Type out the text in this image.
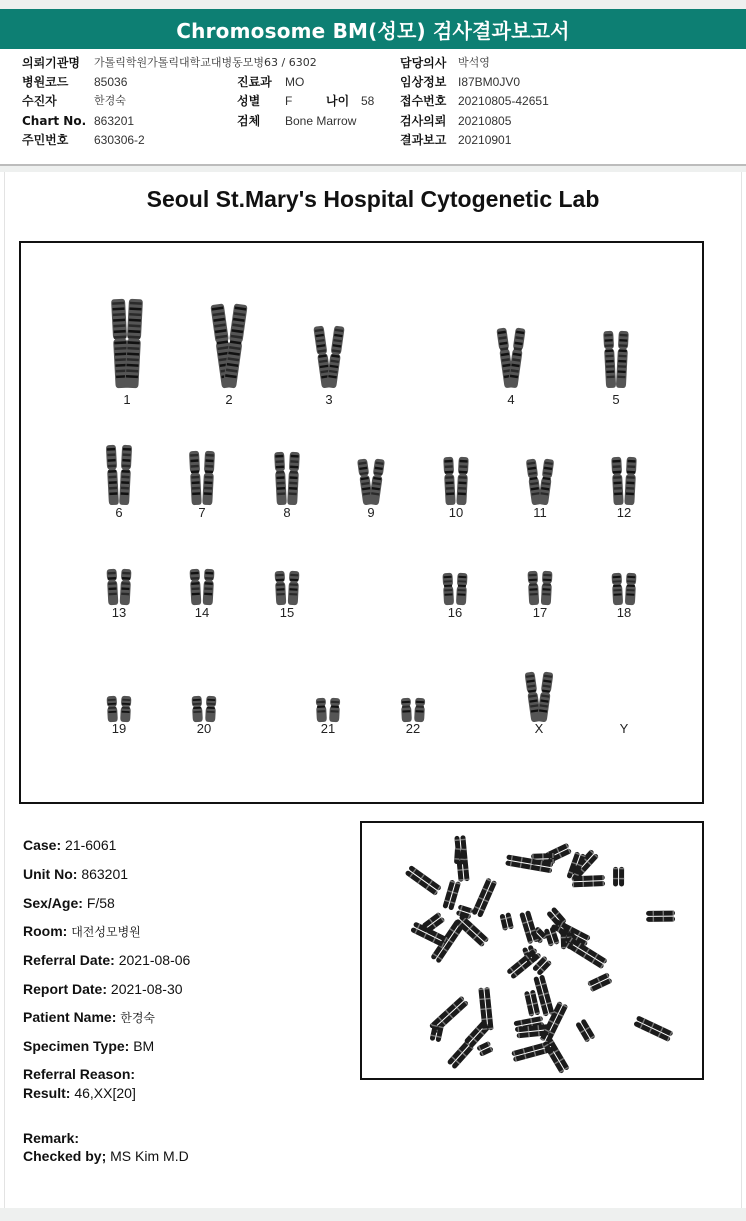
Chromosome BM(성모) 검사결과보고서
의뢰기관명 가톨릭학원가톨릭대학교대병동모병63 / 6302
병원코드 85036
수진자	한경숙
Chart No. 863201
주민번호 630306-2
진료과 MO
성별 F	나이 58
검체 Bone Marrow
담당의사 박석영
임상정보 I87BM0JV0
접수번호 20210805-42651
검사의뢰 20210805
결과보고 20210901
Seoul St.Mary's Hospital Cytogenetic Lab
1	2	3	4	5
6	7	8	9	10	11	12
13	14	15	16	17	18
19	20	21	22	X	Y
Case: 21-6061
Unit No: 863201
Sex/Age: F/58
Room: 대전성모병원
Referral Date: 2021-08-06
Report Date: 2021-08-30
Patient Name: 한경숙
Specimen Type: BM
Referral Reason:
Result: 46,XX[20]
Remark:
Checked by; MS Kim M.D
